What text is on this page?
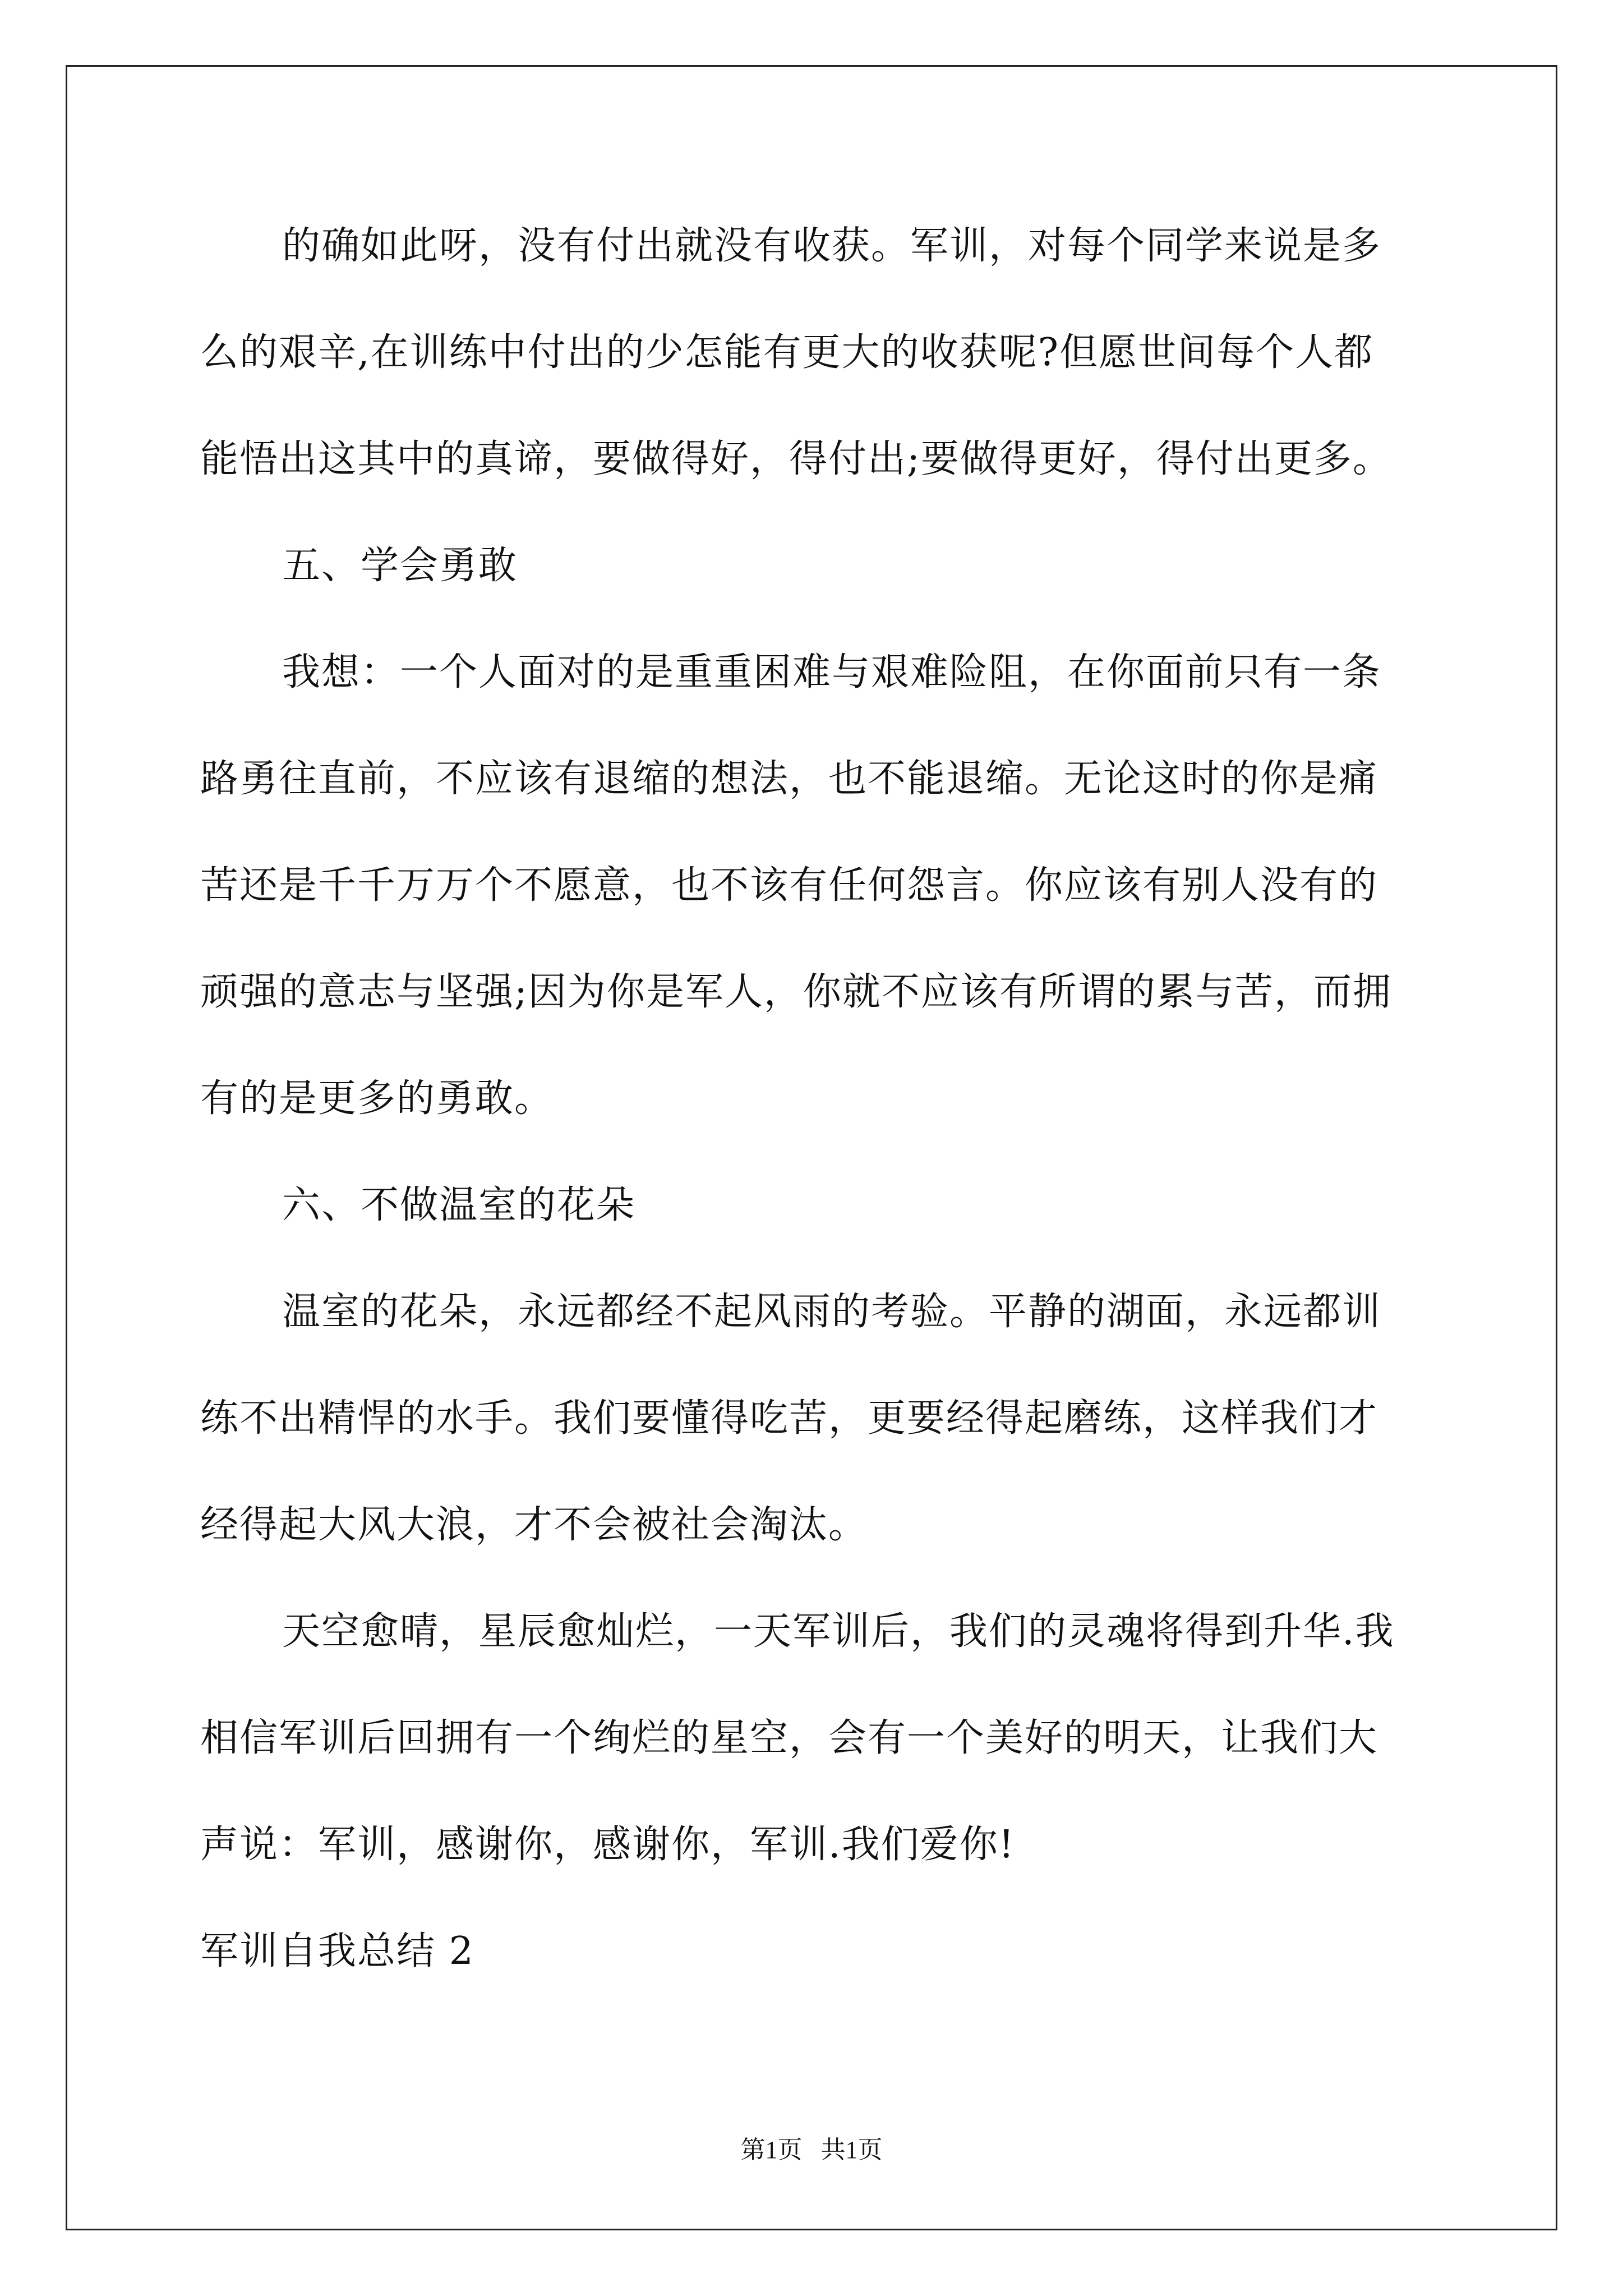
的确如此呀，没有付出就没有收获。军训，对每个同学来说是多
么的艰辛,在训练中付出的少怎能有更大的收获呢?但愿世间每个人都
能悟出这其中的真谛，要做得好，得付出;要做得更好，得付出更多。
五、学会勇敢
我想：一个人面对的是重重困难与艰难险阻，在你面前只有一条
路勇往直前，不应该有退缩的想法，也不能退缩。无论这时的你是痛
苦还是千千万万个不愿意，也不该有任何怨言。你应该有别人没有的
顽强的意志与坚强;因为你是军人，你就不应该有所谓的累与苦，而拥
有的是更多的勇敢。
六、不做温室的花朵
温室的花朵，永远都经不起风雨的考验。平静的湖面，永远都训
练不出精悍的水手。我们要懂得吃苦，更要经得起磨练，这样我们才
经得起大风大浪，才不会被社会淘汰。
天空愈晴，星辰愈灿烂，一天军训后，我们的灵魂将得到升华.我
相信军训后回拥有一个绚烂的星空，会有一个美好的明天，让我们大
声说：军训，感谢你，感谢你，军训.我们爱你!
军训自我总结 2
第1页   共1页
